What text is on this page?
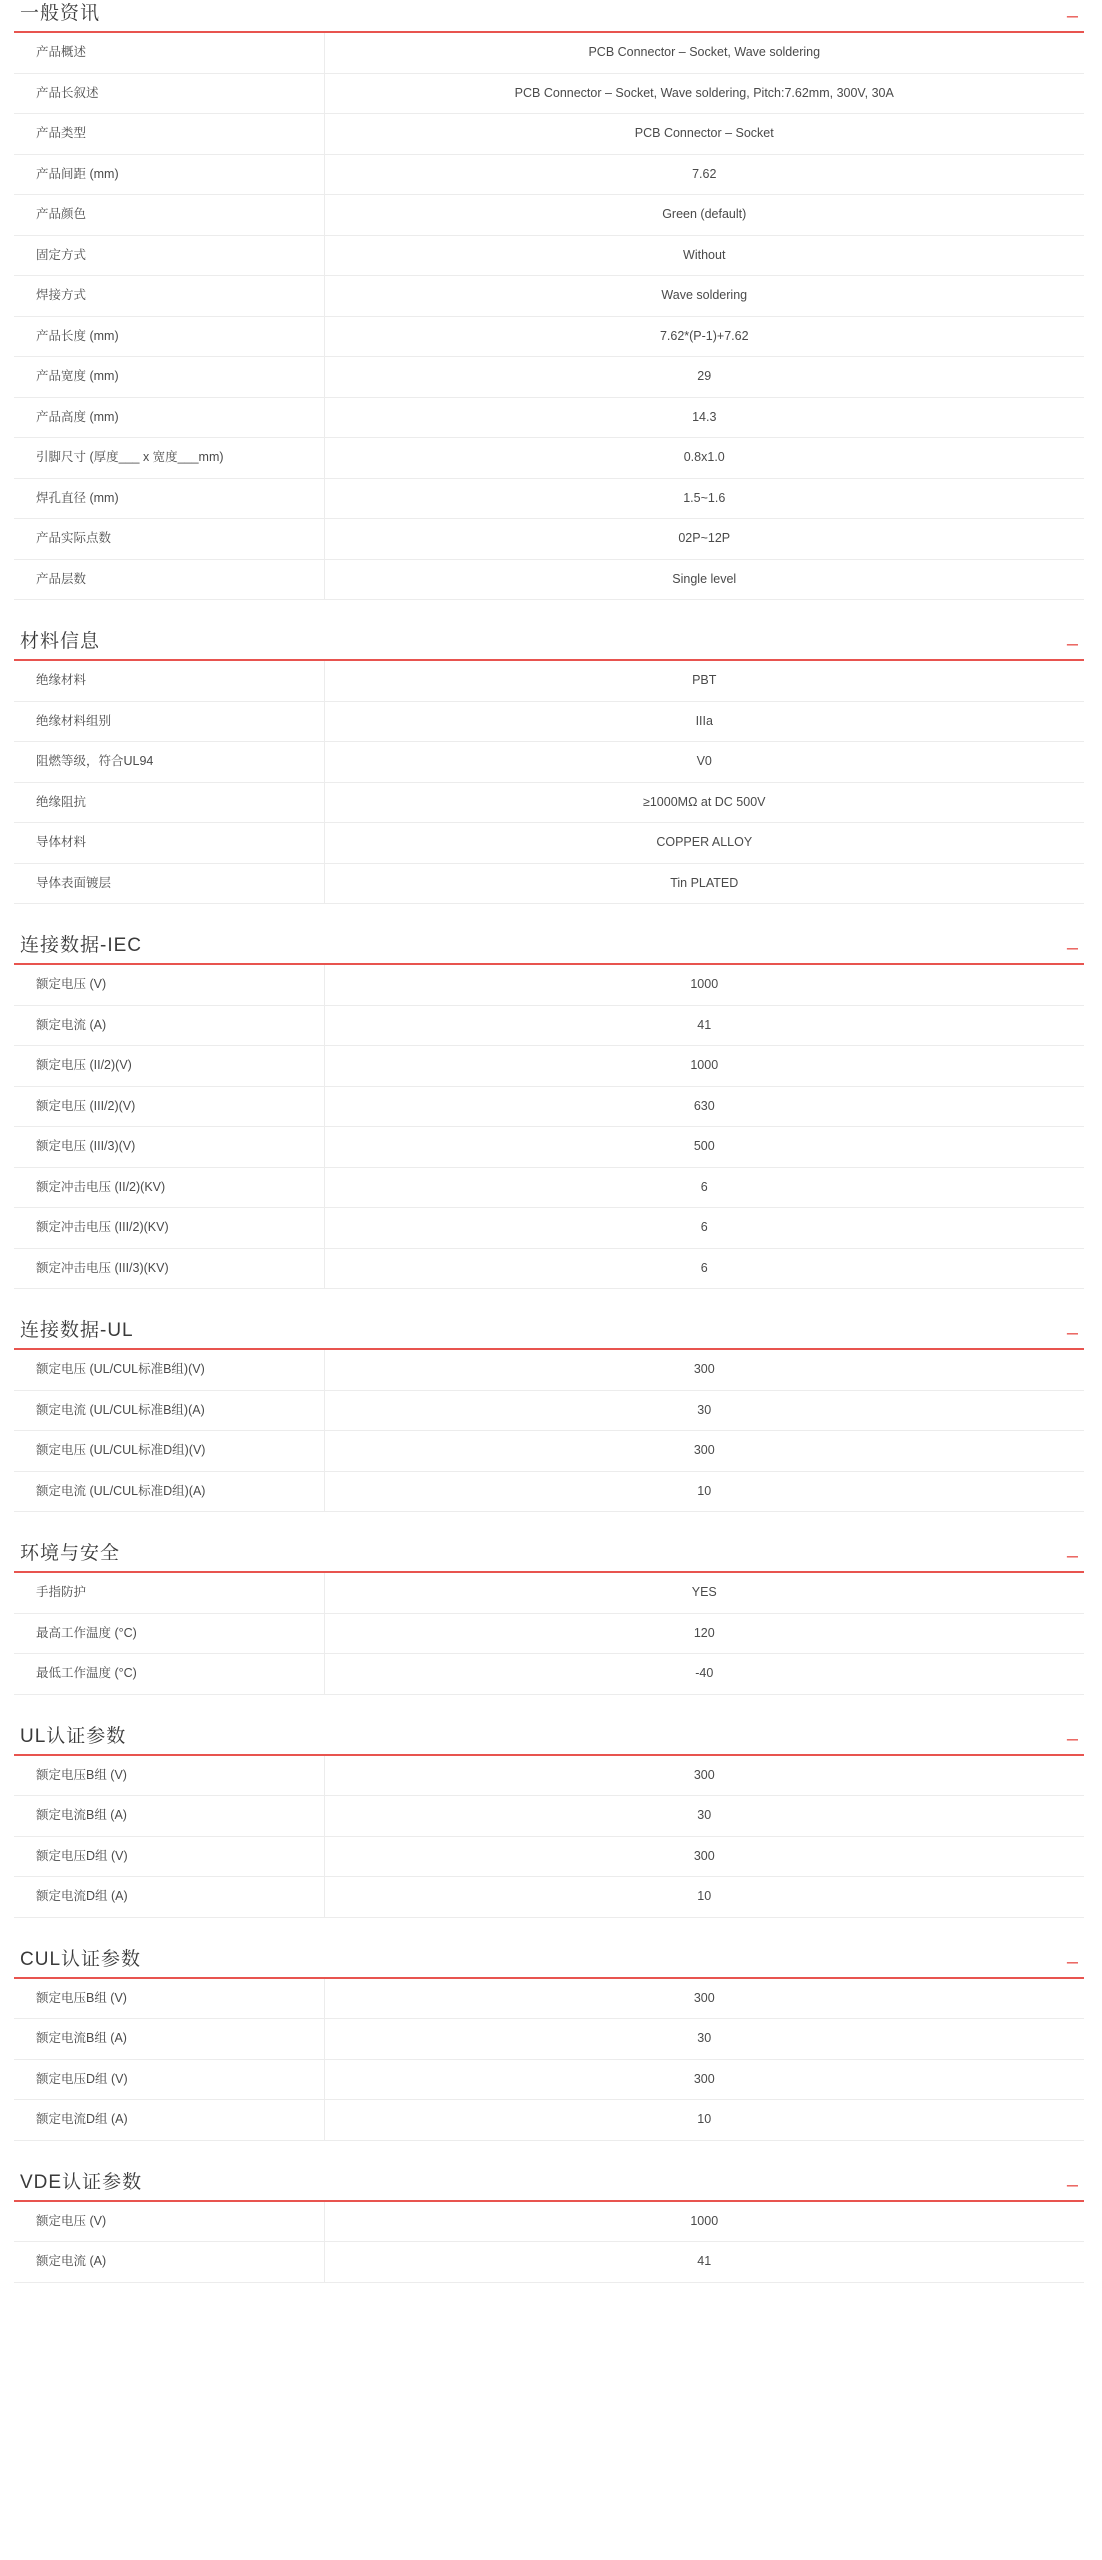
一般资讯	–
产品概述	PCB Connector – Socket, Wave soldering
产品长叙述	PCB Connector – Socket, Wave soldering, Pitch:7.62mm, 300V, 30A
产品类型	PCB Connector – Socket
产品间距 (mm)	7.62
产品颜色	Green (default)
固定方式	Without
焊接方式	Wave soldering
产品长度 (mm)	7.62*(P-1)+7.62
产品宽度 (mm)	29
产品高度 (mm)	14.3
引脚尺寸 (厚度___ x 宽度___mm)	0.8x1.0
焊孔直径 (mm)	1.5~1.6
产品实际点数	02P~12P
产品层数	Single level
材料信息	–
绝缘材料	PBT
绝缘材料组别	IIIa
阻燃等级，符合UL94	V0
绝缘阻抗	≥1000MΩ at DC 500V
导体材料	COPPER ALLOY
导体表面镀层	Tin PLATED
连接数据-IEC	–
额定电压 (V)	1000
额定电流 (A)	41
额定电压 (II/2)(V)	1000
额定电压 (III/2)(V)	630
额定电压 (III/3)(V)	500
额定冲击电压 (II/2)(KV)	6
额定冲击电压 (III/2)(KV)	6
额定冲击电压 (III/3)(KV)	6
连接数据-UL	–
额定电压 (UL/CUL标准B组)(V)	300
额定电流 (UL/CUL标准B组)(A)	30
额定电压 (UL/CUL标准D组)(V)	300
额定电流 (UL/CUL标准D组)(A)	10
环境与安全	–
手指防护	YES
最高工作温度 (°C)	120
最低工作温度 (°C)	-40
UL认证参数	–
额定电压B组 (V)	300
额定电流B组 (A)	30
额定电压D组 (V)	300
额定电流D组 (A)	10
CUL认证参数	–
额定电压B组 (V)	300
额定电流B组 (A)	30
额定电压D组 (V)	300
额定电流D组 (A)	10
VDE认证参数	–
额定电压 (V)	1000
额定电流 (A)	41
